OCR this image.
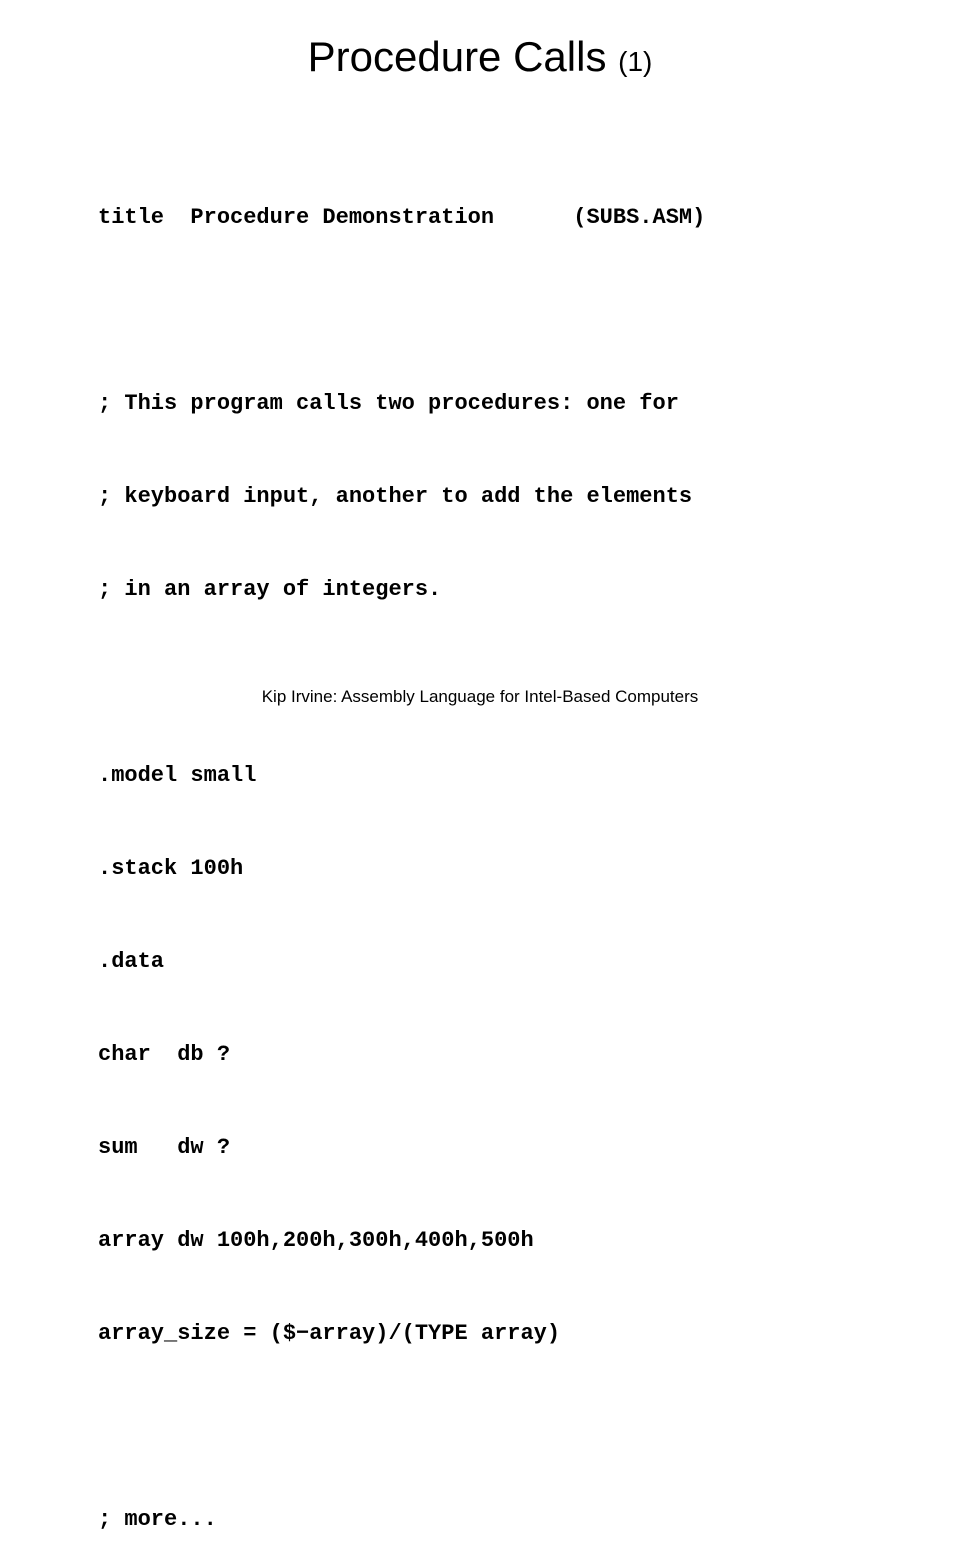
Procedure Calls (1)

title  Procedure Demonstration      (SUBS.ASM)

; This program calls two procedures: one for

; keyboard input, another to add the elements

; in an array of integers.

.model small

.stack 100h

.data

char  db ?

sum   dw ?

array dw 100h,200h,300h,400h,500h

array_size = ($−array)/(TYPE array)

; more...

Kip Irvine: Assembly Language for Intel-Based Computers
